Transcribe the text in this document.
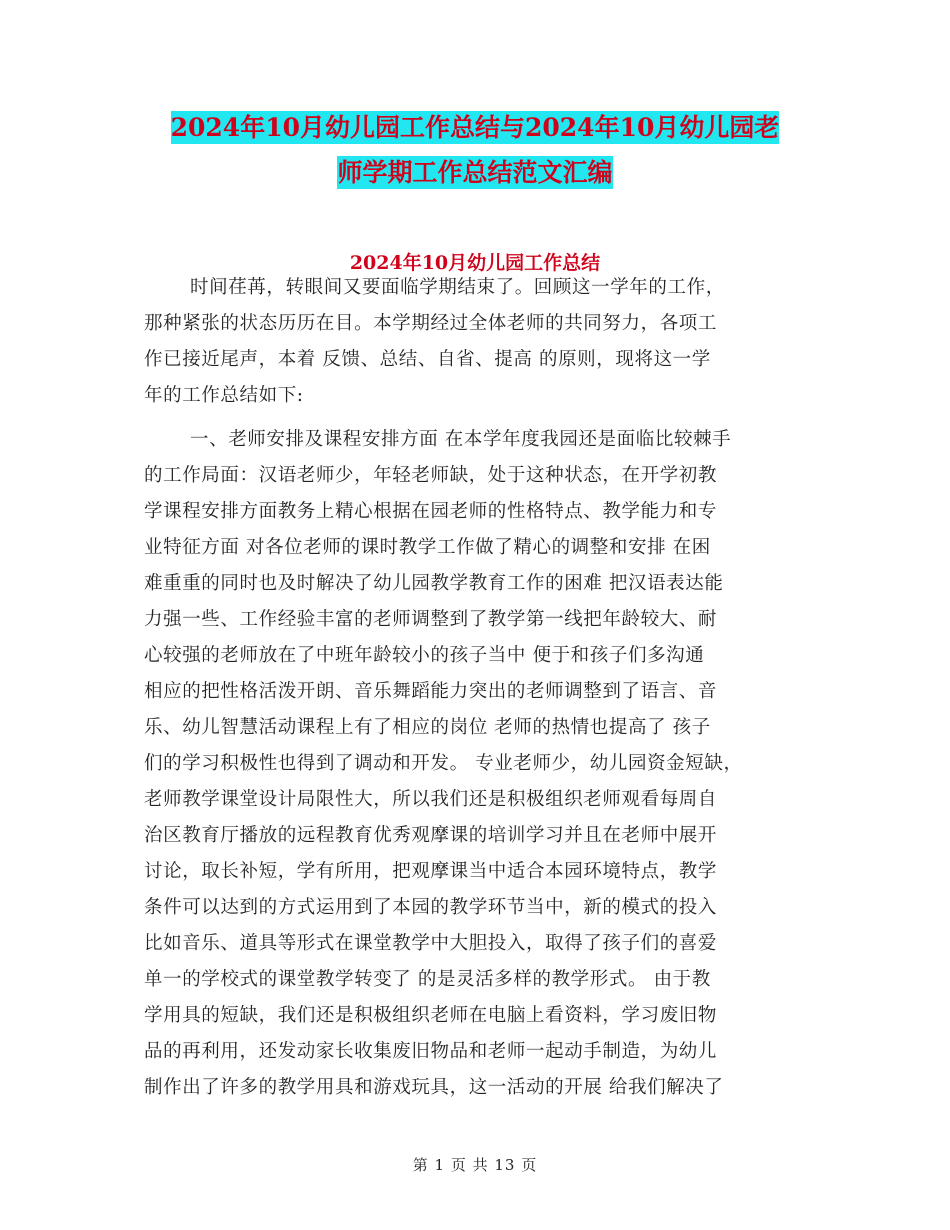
2024年10月幼儿园工作总结与2024年10月幼儿园老
师学期工作总结范文汇编
2024年10月幼儿园工作总结
时间荏苒，转眼间又要面临学期结束了。回顾这一学年的工作，
那种紧张的状态历历在目。本学期经过全体老师的共同努力，各项工
作已接近尾声，本着 反馈、总结、自省、提高 的原则，现将这一学
年的工作总结如下:
一、老师安排及课程安排方面 在本学年度我园还是面临比较棘手
的工作局面：汉语老师少，年轻老师缺，处于这种状态，在开学初教
学课程安排方面教务上精心根据在园老师的性格特点、教学能力和专
业特征方面 对各位老师的课时教学工作做了精心的调整和安排 在困
难重重的同时也及时解决了幼儿园教学教育工作的困难 把汉语表达能
力强一些、工作经验丰富的老师调整到了教学第一线把年龄较大、耐
心较强的老师放在了中班年龄较小的孩子当中 便于和孩子们多沟通
相应的把性格活泼开朗、音乐舞蹈能力突出的老师调整到了语言、音
乐、幼儿智慧活动课程上有了相应的岗位 老师的热情也提高了 孩子
们的学习积极性也得到了调动和开发。 专业老师少，幼儿园资金短缺，
老师教学课堂设计局限性大，所以我们还是积极组织老师观看每周自
治区教育厅播放的远程教育优秀观摩课的培训学习并且在老师中展开
讨论，取长补短，学有所用，把观摩课当中适合本园环境特点，教学
条件可以达到的方式运用到了本园的教学环节当中，新的模式的投入
比如音乐、道具等形式在课堂教学中大胆投入，取得了孩子们的喜爱
单一的学校式的课堂教学转变了 的是灵活多样的教学形式。 由于教
学用具的短缺，我们还是积极组织老师在电脑上看资料，学习废旧物
品的再利用，还发动家长收集废旧物品和老师一起动手制造，为幼儿
制作出了许多的教学用具和游戏玩具，这一活动的开展 给我们解决了
第 1 页 共 13 页
